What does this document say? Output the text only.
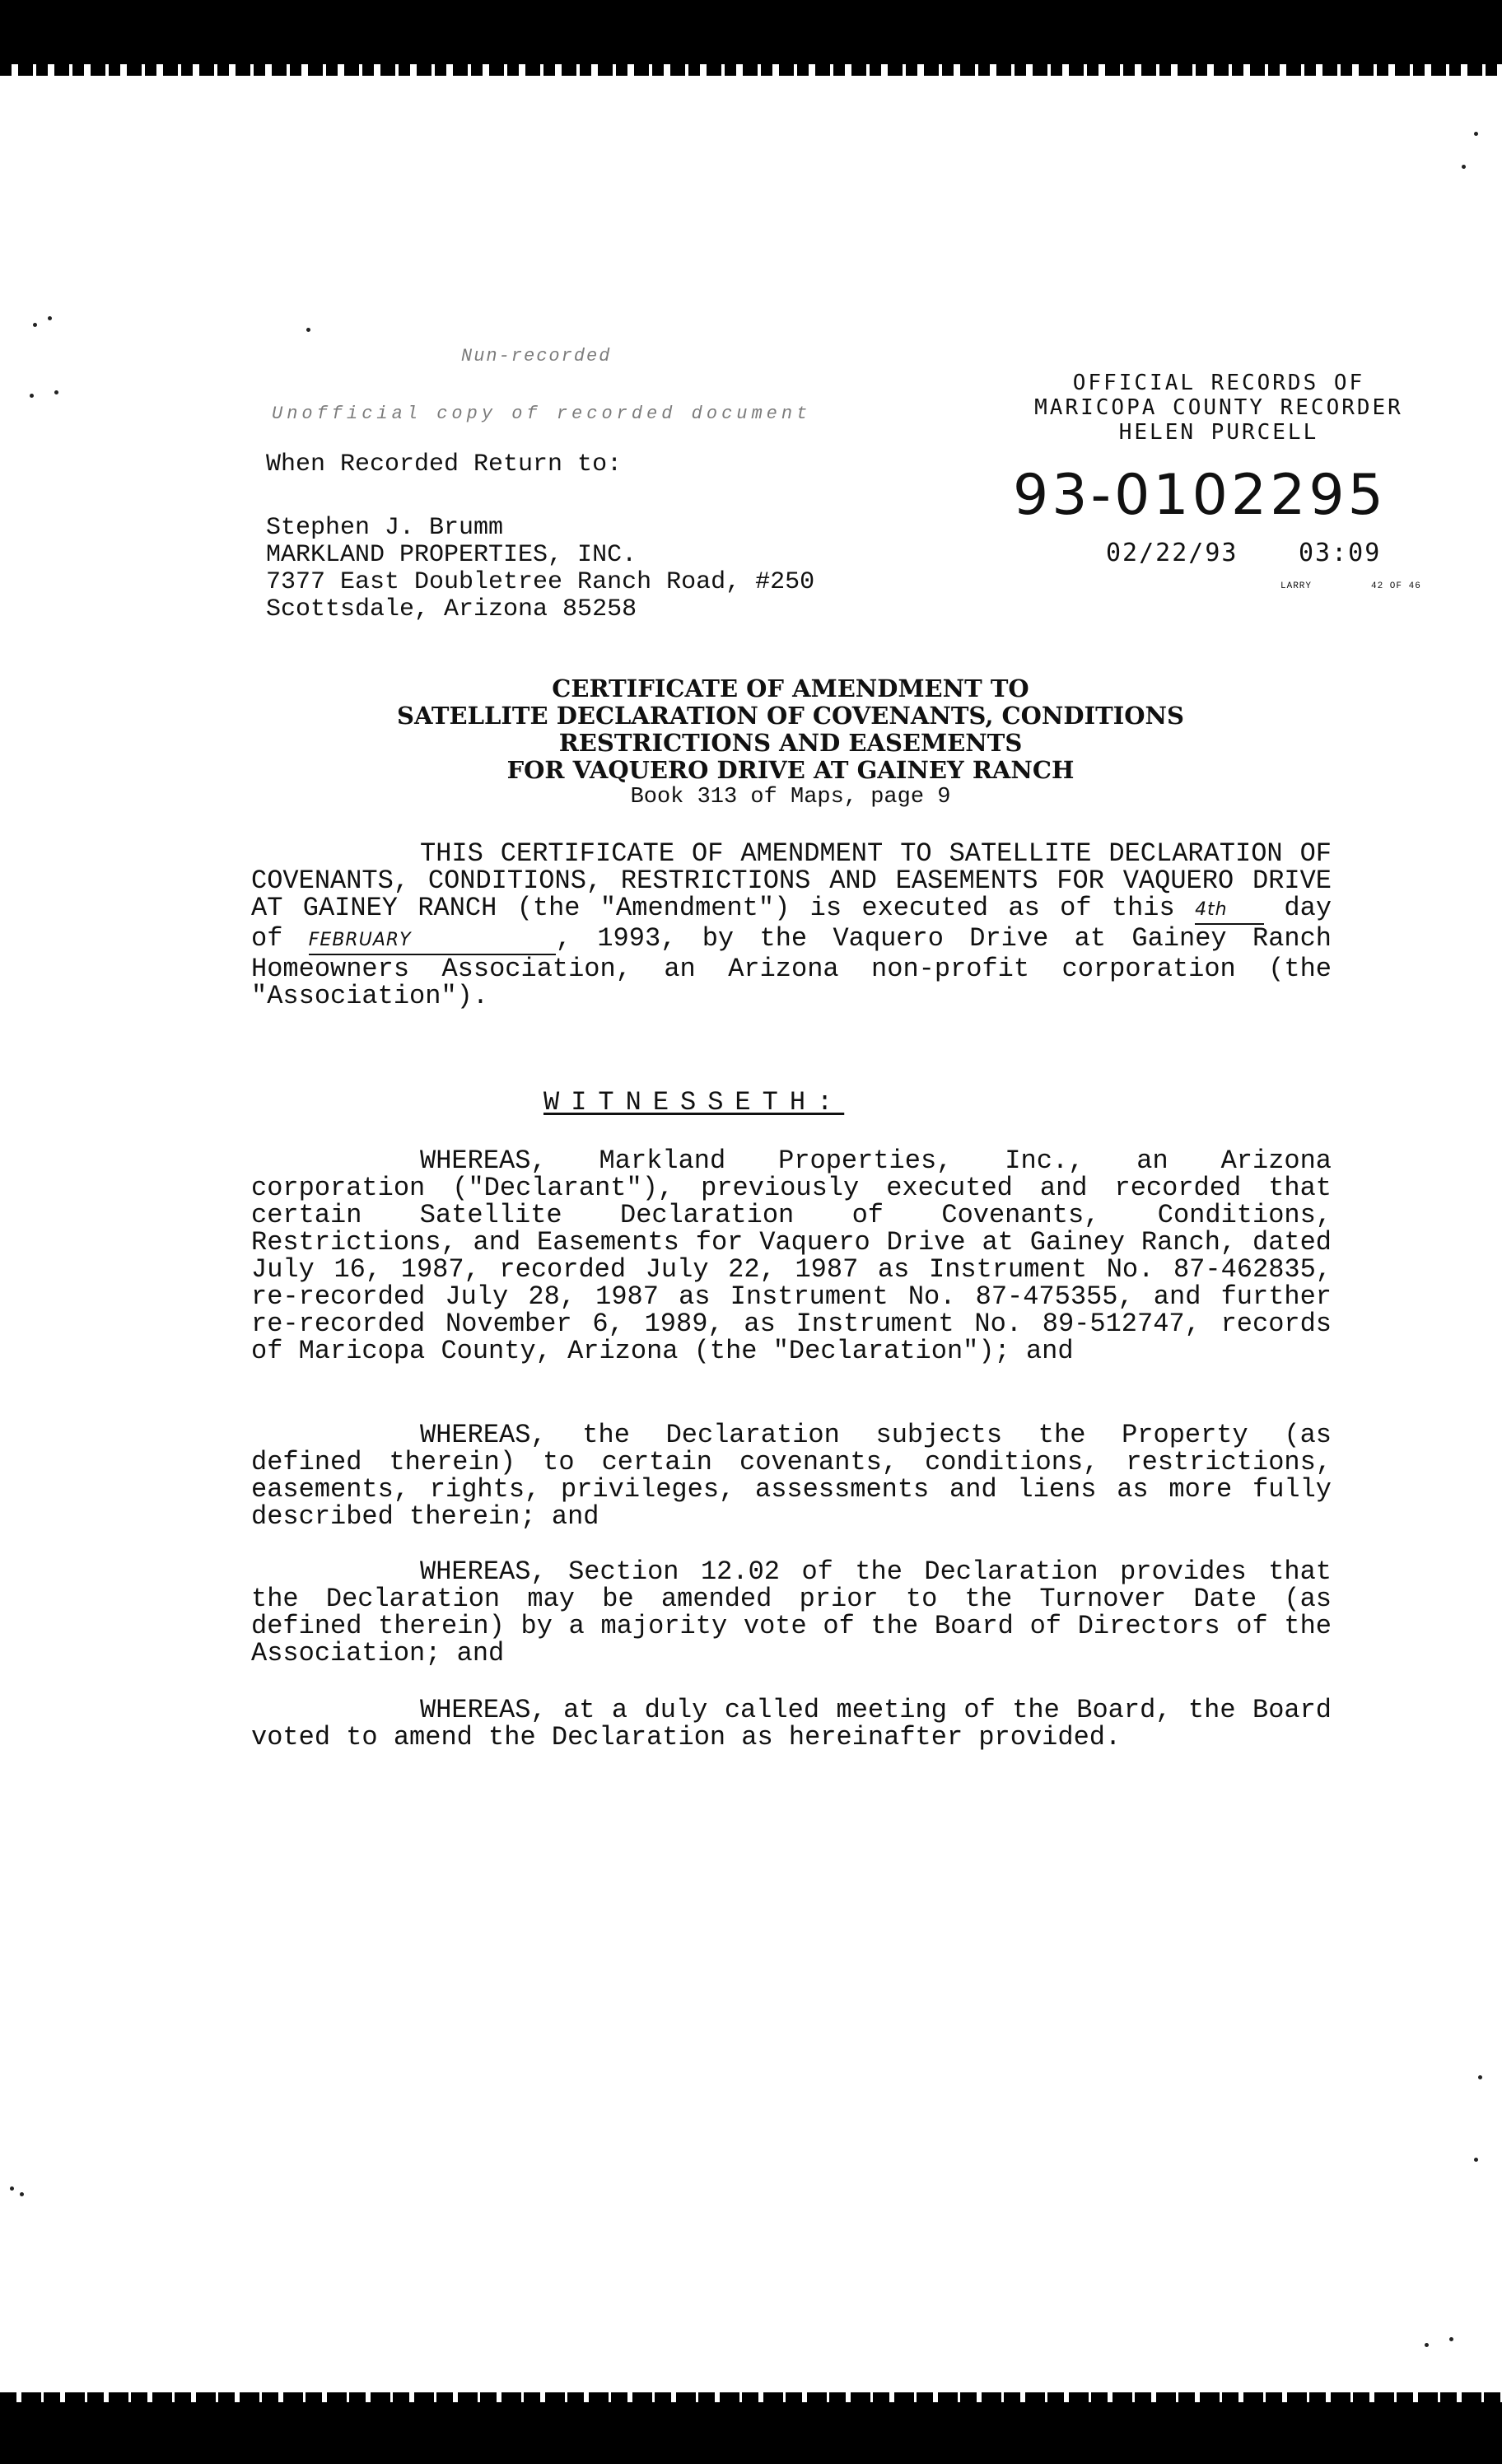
Nun-recorded
Unofficial copy of recorded document
When Recorded Return to:
Stephen J. Brumm
MARKLAND PROPERTIES, INC.
7377 East Doubletree Ranch Road, #250
Scottsdale, Arizona 85258
OFFICIAL RECORDS OF
MARICOPA COUNTY RECORDER
HELEN PURCELL
93-0102295
02/22/93 03:09
LARRY	42 OF 46
CERTIFICATE OF AMENDMENT TO
SATELLITE DECLARATION OF COVENANTS, CONDITIONS
RESTRICTIONS AND EASEMENTS
FOR VAQUERO DRIVE AT GAINEY RANCH
Book 313 of Maps, page 9
THIS CERTIFICATE OF AMENDMENT TO SATELLITE DECLARATION OF COVENANTS, CONDITIONS, RESTRICTIONS AND EASEMENTS FOR VAQUERO DRIVE AT GAINEY RANCH (the "Amendment") is executed as of this 4th day of FEBRUARY	, 1993, by the Vaquero Drive at Gainey Ranch Homeowners Association, an Arizona non-profit corporation (the "Association").
WITNESSETH:
WHEREAS, Markland Properties, Inc., an Arizona corporation ("Declarant"), previously executed and recorded that certain Satellite Declaration of Covenants, Conditions, Restrictions, and Easements for Vaquero Drive at Gainey Ranch, dated July 16, 1987, recorded July 22, 1987 as Instrument No. 87-462835, re-recorded July 28, 1987 as Instrument No. 87-475355, and further re-recorded November 6, 1989, as Instrument No. 89-512747, records of Maricopa County, Arizona (the "Declaration"); and
WHEREAS, the Declaration subjects the Property (as defined therein) to certain covenants, conditions, restrictions, easements, rights, privileges, assessments and liens as more fully described therein; and
WHEREAS, Section 12.02 of the Declaration provides that the Declaration may be amended prior to the Turnover Date (as defined therein) by a majority vote of the Board of Directors of the Association; and
WHEREAS, at a duly called meeting of the Board, the Board voted to amend the Declaration as hereinafter provided.
